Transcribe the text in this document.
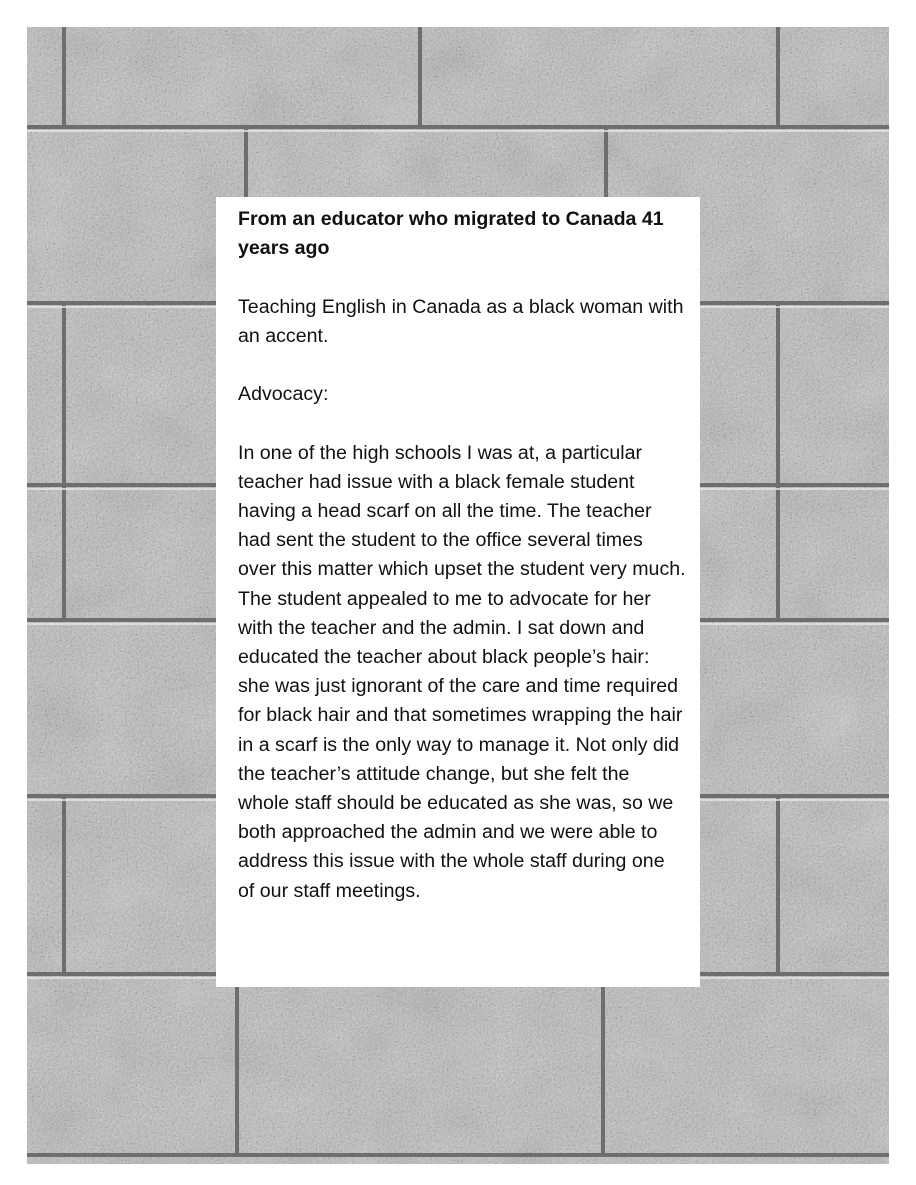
From an educator who migrated to Canada 41 years ago

Teaching English in Canada as a black woman with an accent.

Advocacy:

In one of the high schools I was at, a particular teacher had issue with a black female student having a head scarf on all the time. The teacher had sent the student to the office several times over this matter which upset the student very much. The student appealed to me to advocate for her with the teacher and the admin. I sat down and educated the teacher about black people’s hair: she was just ignorant of the care and time required for black hair and that sometimes wrapping the hair in a scarf is the only way to manage it. Not only did the teacher’s attitude change, but she felt the whole staff should be educated as she was, so we both approached the admin and we were able to address this issue with the whole staff during one of our staff meetings.
